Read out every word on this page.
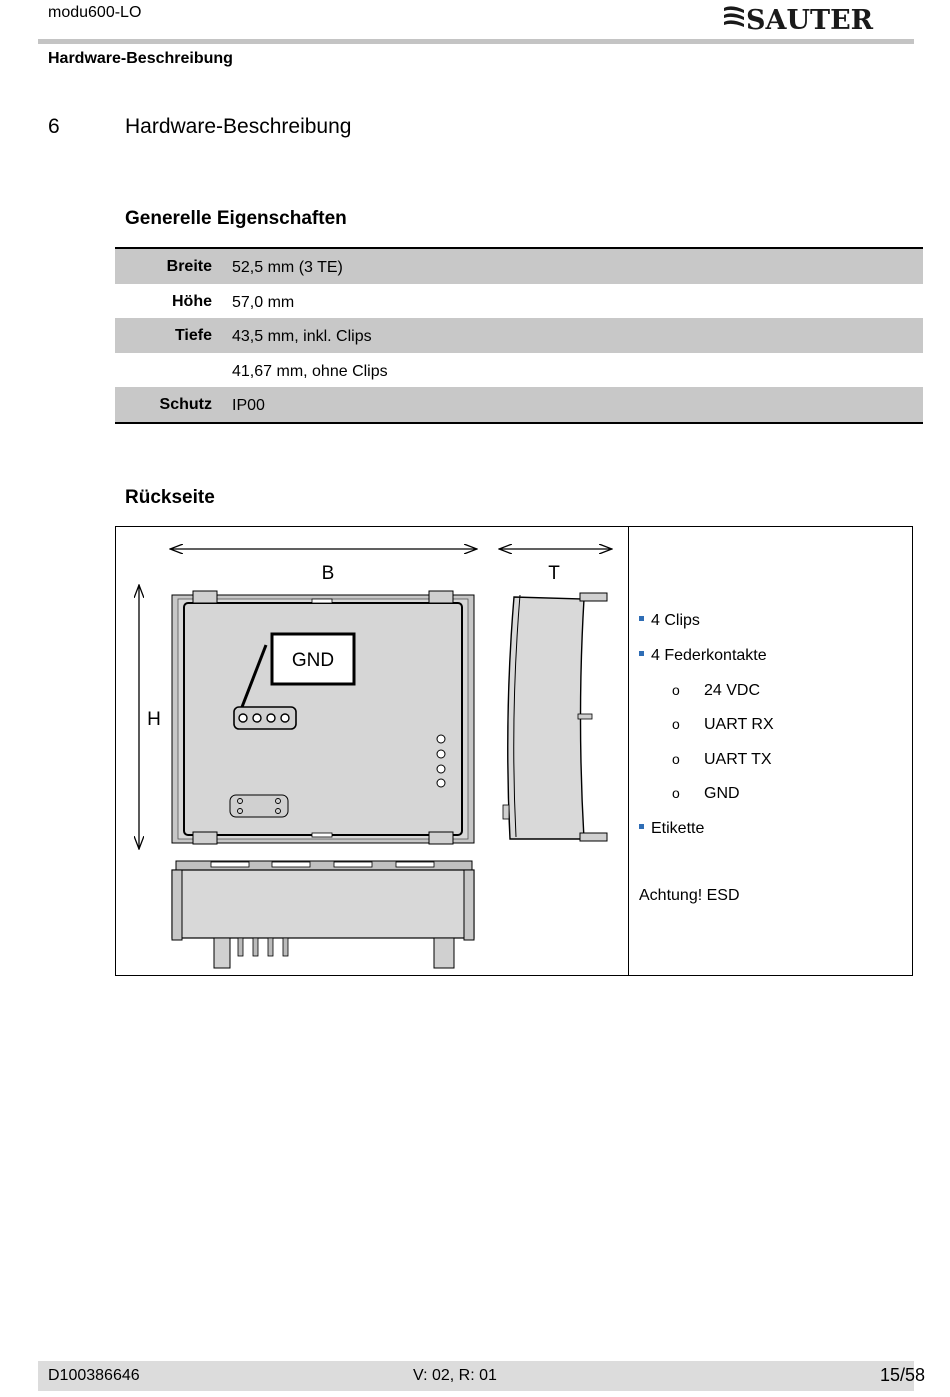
modu600-LO	SAUTER
Hardware-Beschreibung
6	Hardware-Beschreibung
Generelle Eigenschaften
Breite 52,5 mm (3 TE)
Höhe 57,0 mm
Tiefe 43,5 mm, inkl. Clips
41,67 mm, ohne Clips
Schutz IP00
Rückseite
B	T
H
GND
4 Clips
4 Federkontakte
o 24 VDC
o UART RX
o UART TX
o GND
Etikette
Achtung! ESD
D100386646	V: 02, R: 01	15/58
